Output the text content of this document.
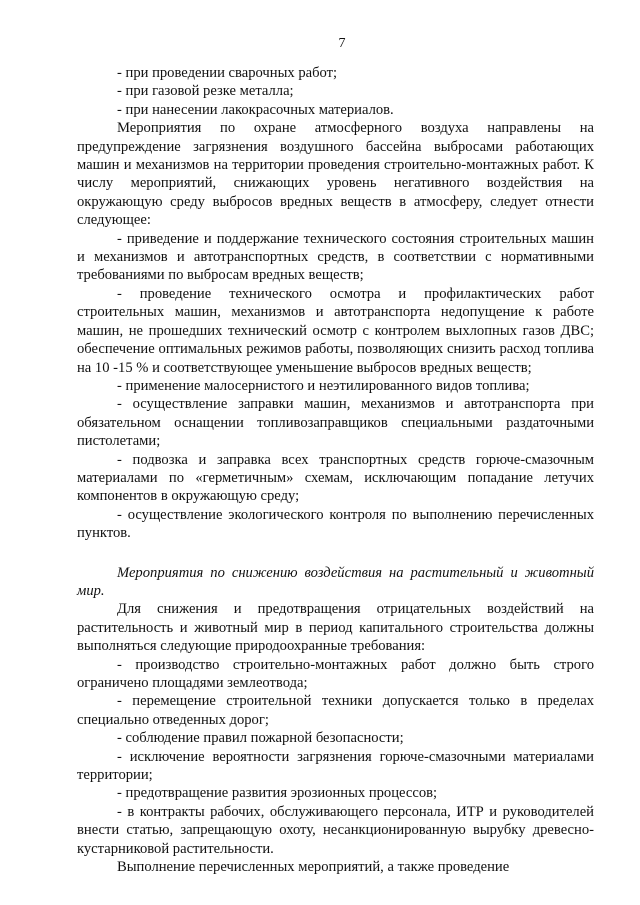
7

- при проведении сварочных работ;

- при газовой резке металла;

- при нанесении лакокрасочных материалов.

Мероприятия по охране атмосферного воздуха направлены на предупреждение загрязнения воздушного бассейна выбросами работающих машин и механизмов на территории проведения строительно-монтажных работ. К числу мероприятий, снижающих уровень негативного воздействия на окружающую среду выбросов вредных веществ в атмосферу, следует отнести следующее:

- приведение и поддержание технического состояния строительных машин и механизмов и автотранспортных средств, в соответствии с нормативными требованиями по выбросам вредных веществ;

- проведение технического осмотра и профилактических работ строительных машин, механизмов и автотранспорта недопущение к работе машин, не прошедших технический осмотр с контролем выхлопных газов ДВС; обеспечение оптимальных режимов работы, позволяющих снизить расход топлива на 10 -15 % и соответствующее уменьшение выбросов вредных веществ;

- применение малосернистого и неэтилированного видов топлива;

- осуществление заправки машин, механизмов и автотранспорта при обязательном оснащении топливозаправщиков специальными раздаточными пистолетами;

- подвозка и заправка всех транспортных средств горюче-смазочным материалами по «герметичным» схемам, исключающим попадание летучих компонентов в окружающую среду;

- осуществление экологического контроля по выполнению перечисленных пунктов.

Мероприятия по снижению воздействия на растительный и животный мир.

Для снижения и предотвращения отрицательных воздействий на растительность и животный мир в период капитального строительства должны выполняться следующие природоохранные требования:

- производство строительно-монтажных работ должно быть строго ограничено площадями землеотвода;

- перемещение строительной техники допускается только в пределах специально отведенных дорог;

- соблюдение правил пожарной безопасности;

- исключение вероятности загрязнения горюче-смазочными материалами территории;

- предотвращение развития эрозионных процессов;

- в контракты рабочих, обслуживающего персонала, ИТР и руководителей внести статью, запрещающую охоту, несанкционированную вырубку древесно-кустарниковой растительности.

Выполнение перечисленных мероприятий, а также проведение
